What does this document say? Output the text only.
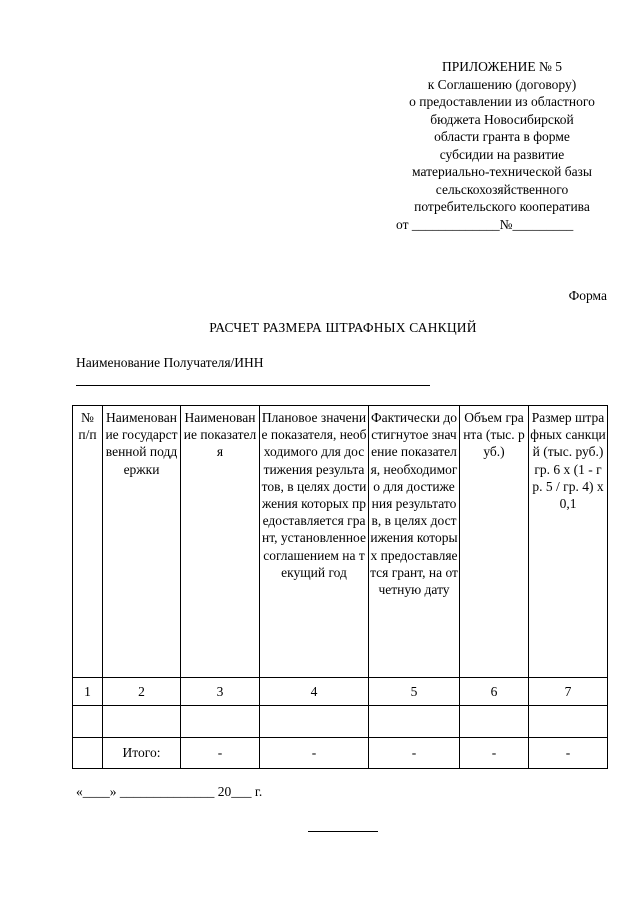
ПРИЛОЖЕНИЕ № 5
к Соглашению (договору)
о предоставлении из областного
бюджета Новосибирской
области гранта в форме
субсидии на развитие
материально-технической базы
сельскохозяйственного
потребительского кооператива
от _____________№_________
Форма
РАСЧЕТ РАЗМЕРА ШТРАФНЫХ САНКЦИЙ
Наименование Получателя/ИНН
№ п/п	Наименование государственной поддержки	Наименование показателя	Плановое значение показателя, необходимого для достижения результатов, в целях достижения которых предоставляется грант, установленное соглашением на текущий год	Фактически достигнутое значение показателя, необходимого для достижения результатов, в целях достижения которых предоставляется грант, на отчетную дату	Объем гранта (тыс. руб.)	Размер штрафных санкций (тыс. руб.) гр. 6 х (1 - гр. 5 / гр. 4) х 0,1
1	2	3	4	5	6	7

	Итого:	-	-	-	-	-
«____» ______________ 20___ г.
